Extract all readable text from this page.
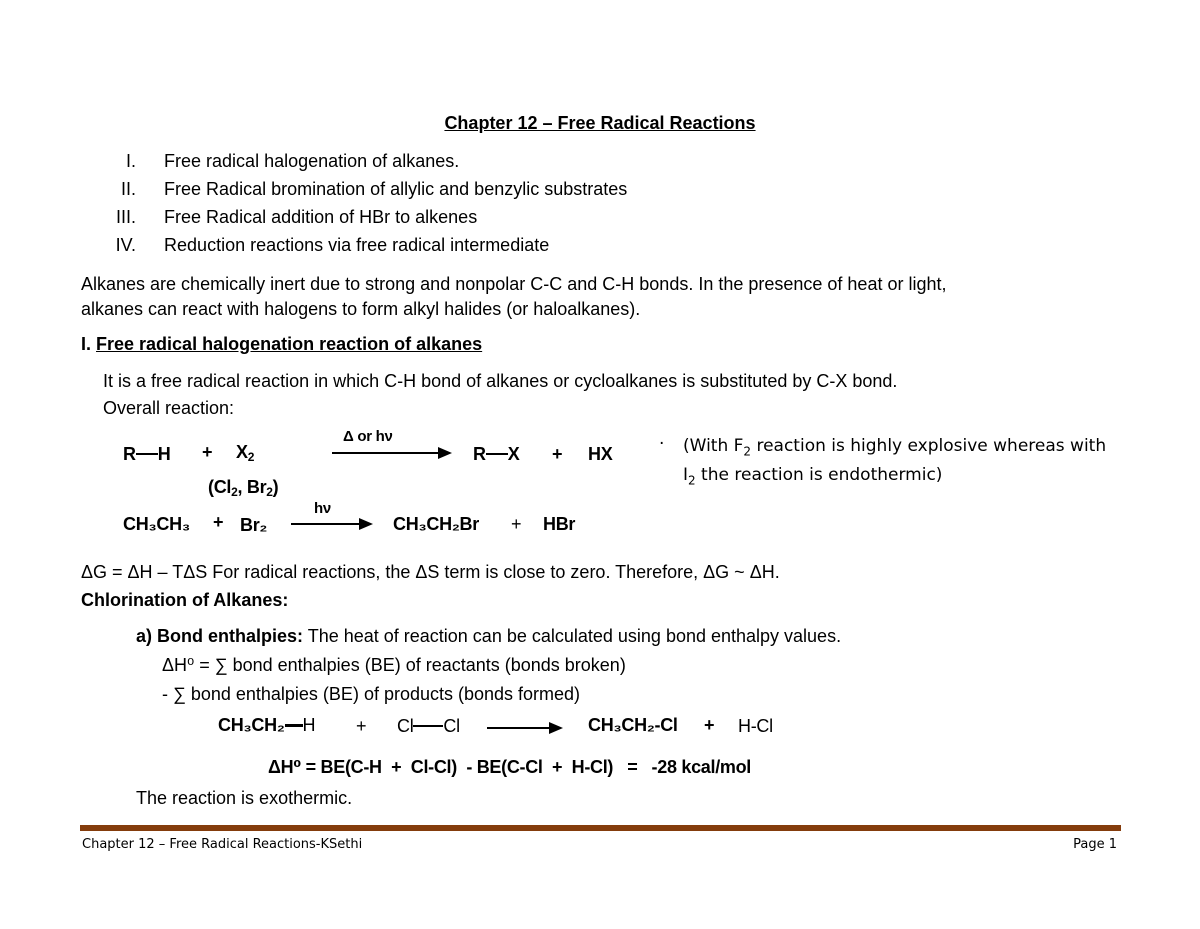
Chapter 12 – Free Radical Reactions
I. Free radical halogenation of alkanes.
II. Free Radical bromination of allylic and benzylic substrates
III. Free Radical addition of HBr to alkenes
IV. Reduction reactions via free radical intermediate
Alkanes are chemically inert due to strong and nonpolar C-C and C-H bonds. In the presence of heat or light,
alkanes can react with halogens to form alkyl halides (or haloalkanes).
I. Free radical halogenation reaction of alkanes
It is a free radical reaction in which C-H bond of alkanes or cycloalkanes is substituted by C-X bond.
Overall reaction:
R $H + X_2$
Δ or hν
R X + HX
($Cl_2$, $Br_2$)
· (With $F_2$ reaction is highly explosive whereas with
$I_2$ the reaction is endothermic)
CH₃CH₃ + Br₂
hν
CH₃CH₂Br + HBr
ΔG = ΔH – TΔS For radical reactions, the ΔS term is close to zero. Therefore, ΔG ~ ΔH.
Chlorination of Alkanes:
a) Bond enthalpies: The heat of reaction can be calculated using bond enthalpy values.
ΔH⁰ = ∑ bond enthalpies (BE) of reactants (bonds broken)
- ∑ bond enthalpies (BE) of products (bonds formed)
CH₃CH₂ H + Cl Cl	CH₃CH₂-Cl + H-Cl
ΔH⁰ = BE(C-H  +  Cl-Cl)  - BE(C-Cl  +  H-Cl)   =   -28 kcal/mol
The reaction is exothermic.
Chapter 12 – Free Radical Reactions-KSethi	Page 1
